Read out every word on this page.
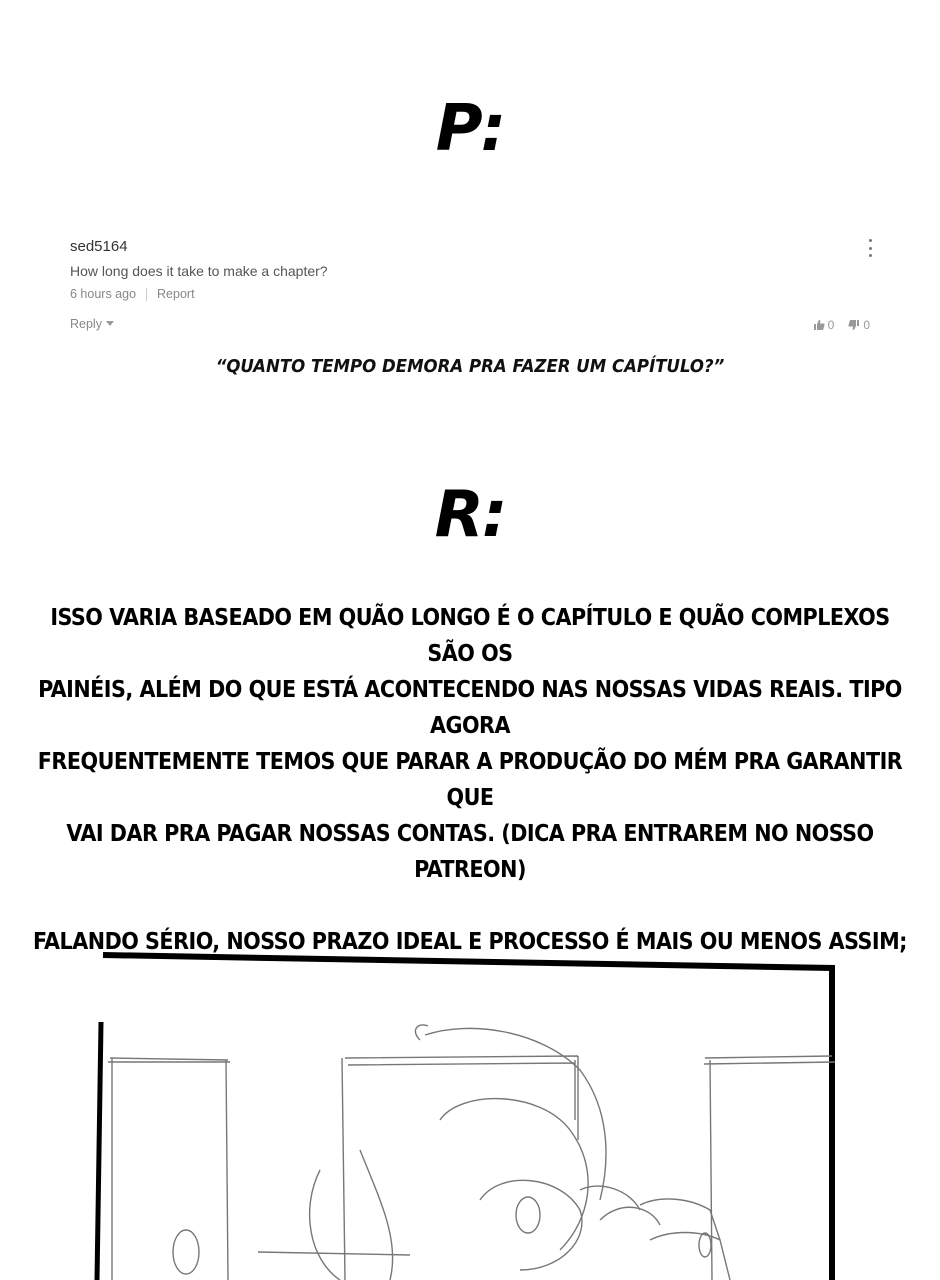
P:
sed5164
How long does it take to make a chapter?
6 hours ago Report
Reply	0 0
“QUANTO TEMPO DEMORA PRA FAZER UM CAPÍTULO?”
R:

ISSO VARIA BASEADO EM QUÃO LONGO É O CAPÍTULO E QUÃO COMPLEXOS SÃO OS

PAINÉIS, ALÉM DO QUE ESTÁ ACONTECENDO NAS NOSSAS VIDAS REAIS. TIPO AGORA

FREQUENTEMENTE TEMOS QUE PARAR A PRODUÇÃO DO MÉM PRA GARANTIR QUE

VAI DAR PRA PAGAR NOSSAS CONTAS. (DICA PRA ENTRAREM NO NOSSO PATREON)

FALANDO SÉRIO, NOSSO PRAZO IDEAL E PROCESSO É MAIS OU MENOS ASSIM;
